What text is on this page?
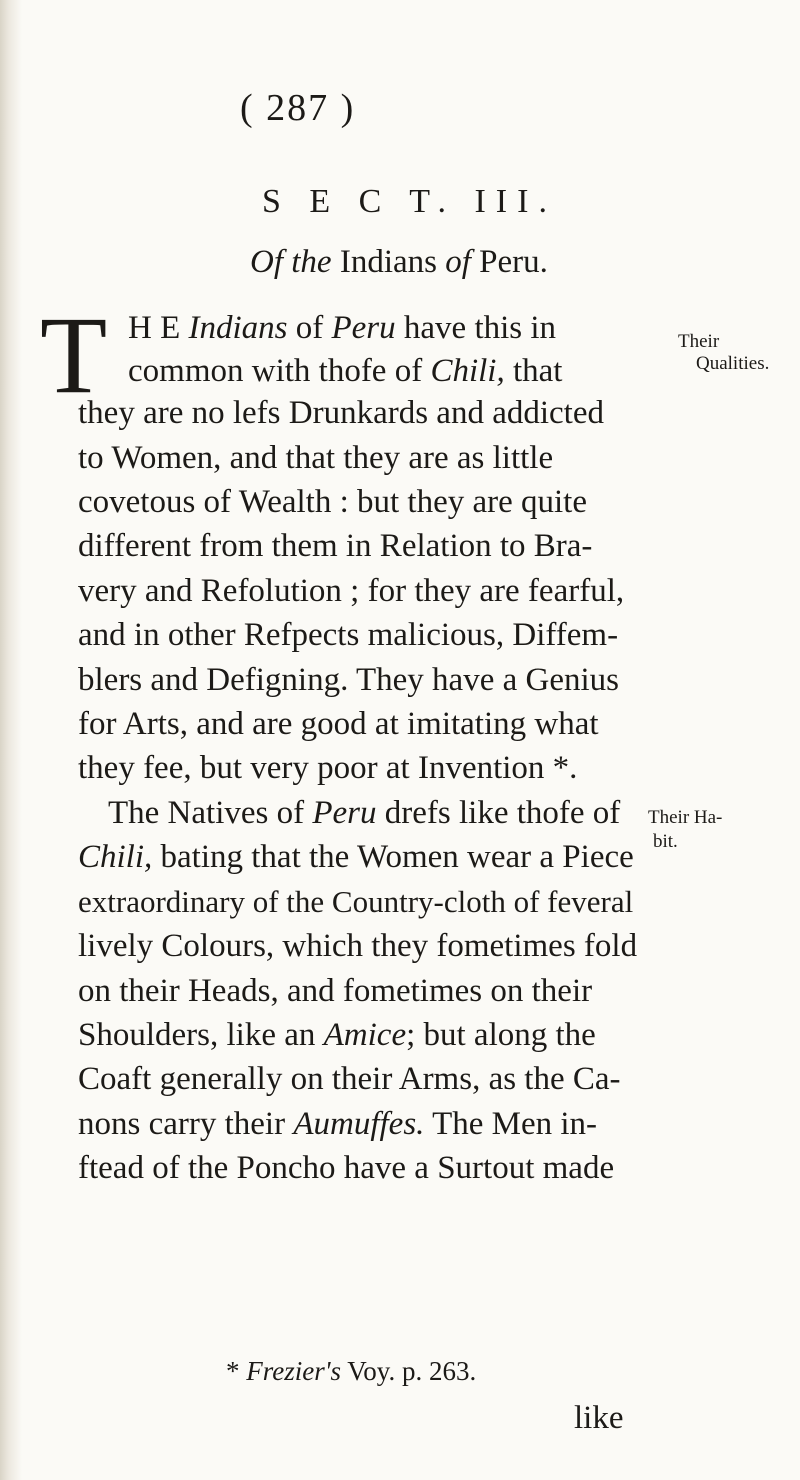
( 287 )
S E C T. III.
Of the Indians of Peru.
T H E Indians of Peru have this in	Their
common with thofe of Chili, that	Qualities.
they are no lefs Drunkards and addicted
to Women, and that they are as little
covetous of Wealth : but they are quite
different from them in Relation to Bra-
very and Refolution ; for they are fearful,
and in other Refpects malicious, Diffem-
blers and Defigning. They have a Genius
for Arts, and are good at imitating what
they fee, but very poor at Invention *.
The Natives of Peru drefs like thofe of Their Ha-
Chili, bating that the Women wear a Piece bit.
extraordinary of the Country-cloth of feveral
lively Colours, which they fometimes fold
on their Heads, and fometimes on their
Shoulders, like an Amice; but along the
Coaft generally on their Arms, as the Ca-
nons carry their Aumuffes. The Men in-
ftead of the Poncho have a Surtout made
* Frezier's Voy. p. 263.
like
